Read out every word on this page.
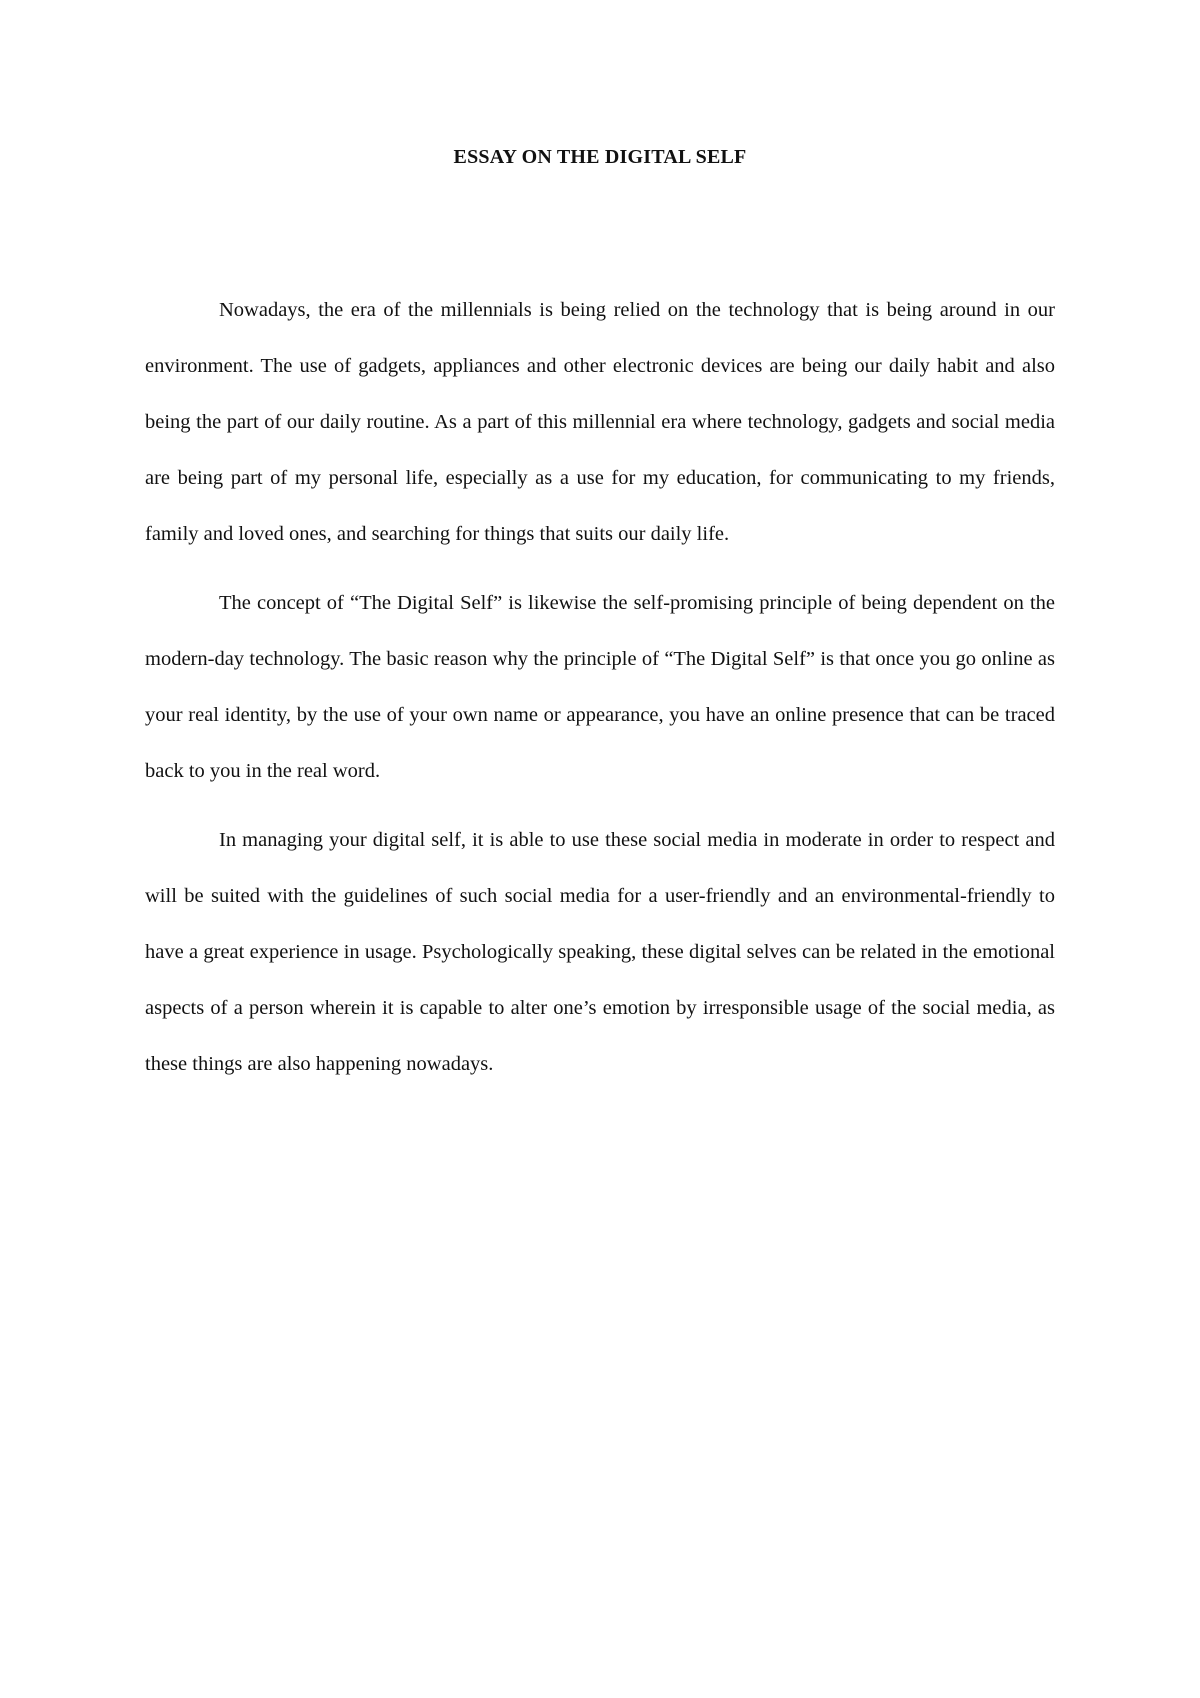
ESSAY ON THE DIGITAL SELF

Nowadays, the era of the millennials is being relied on the technology that is being around in our environment. The use of gadgets, appliances and other electronic devices are being our daily habit and also being the part of our daily routine. As a part of this millennial era where technology, gadgets and social media are being part of my personal life, especially as a use for my education, for communicating to my friends, family and loved ones, and searching for things that suits our daily life.

The concept of “The Digital Self” is likewise the self-promising principle of being dependent on the modern-day technology. The basic reason why the principle of “The Digital Self” is that once you go online as your real identity, by the use of your own name or appearance, you have an online presence that can be traced back to you in the real word.

In managing your digital self, it is able to use these social media in moderate in order to respect and will be suited with the guidelines of such social media for a user-friendly and an environmental-friendly to have a great experience in usage. Psychologically speaking, these digital selves can be related in the emotional aspects of a person wherein it is capable to alter one’s emotion by irresponsible usage of the social media, as these things are also happening nowadays.
